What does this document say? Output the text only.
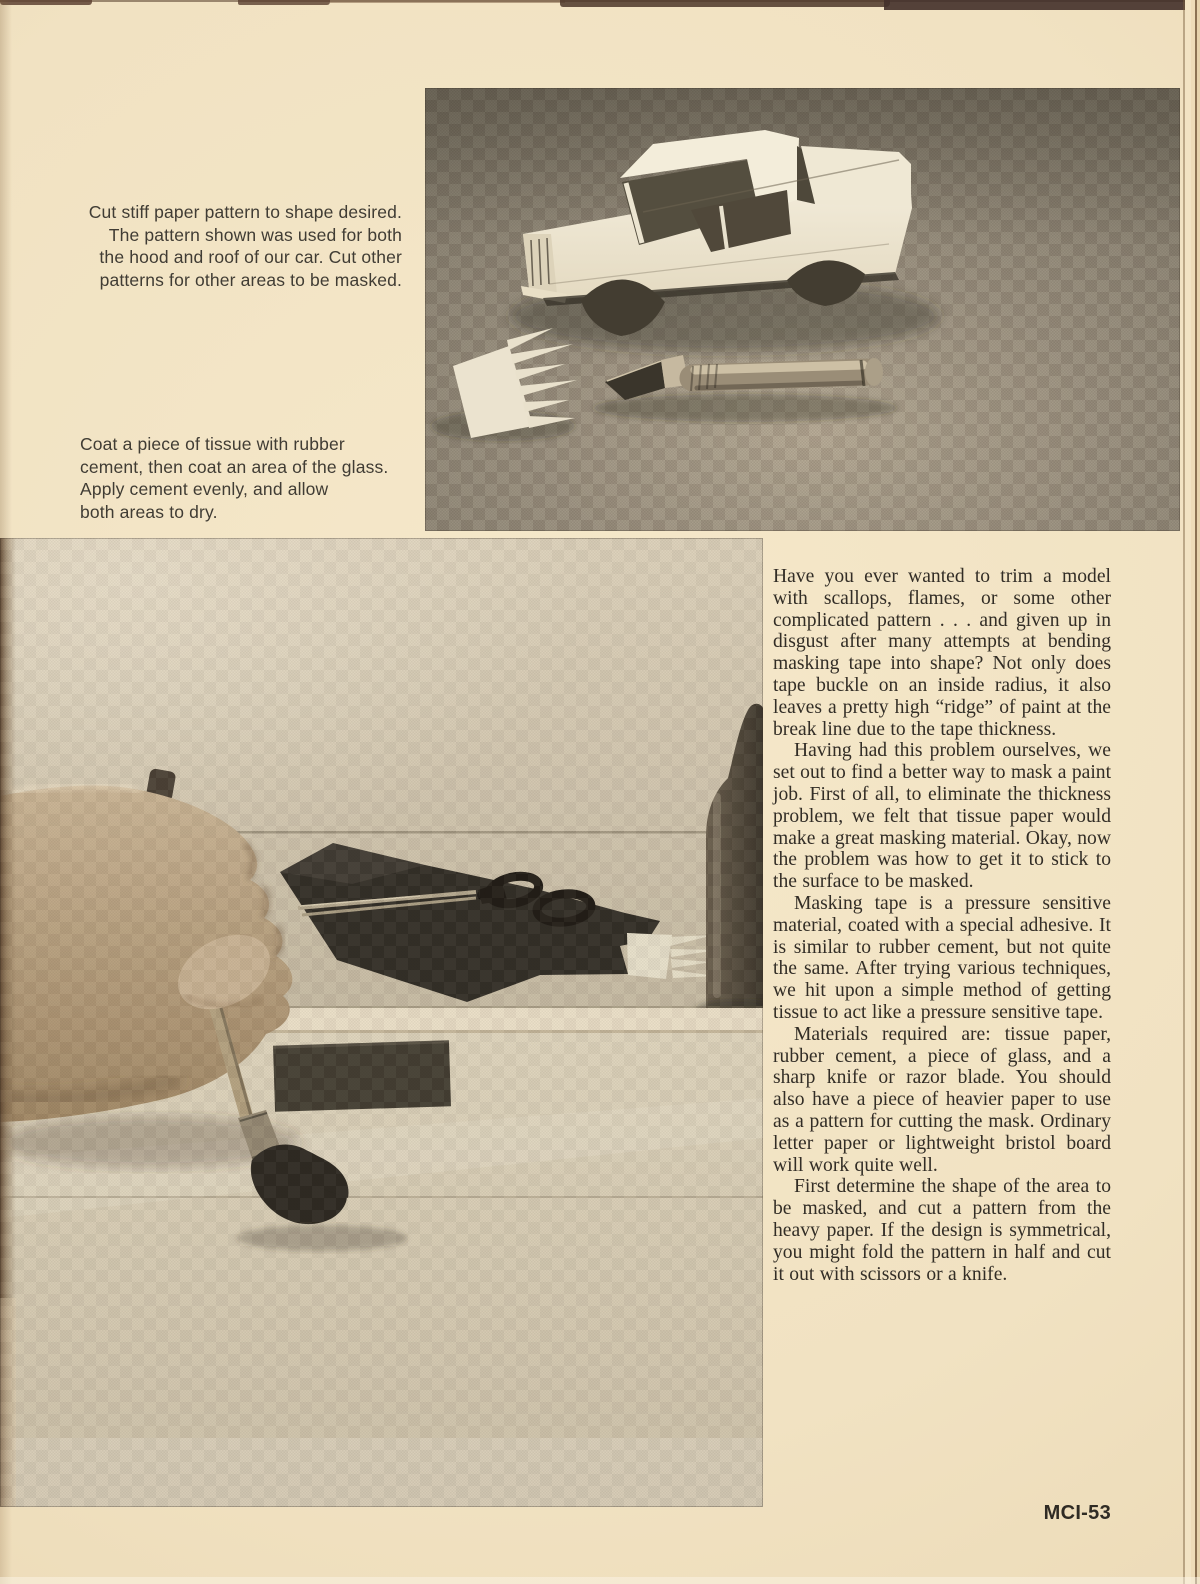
Cut stiff paper pattern to shape desired.
The pattern shown was used for both
the hood and roof of our car. Cut other
patterns for other areas to be masked.
Coat a piece of tissue with rubber
cement, then coat an area of the glass.
Apply cement evenly, and allow
both areas to dry.

Have you ever wanted to trim a model with scallops, flames, or some other complicated pattern . . . and given up in disgust after many attempts at bending masking tape into shape? Not only does tape buckle on an inside radius, it also leaves a pretty high “ridge” of paint at the break line due to the tape thickness.

Having had this problem ourselves, we set out to find a better way to mask a paint job. First of all, to eliminate the thickness problem, we felt that tissue paper would make a great masking material. Okay, now the problem was how to get it to stick to the surface to be masked.

Masking tape is a pressure sensitive material, coated with a special adhesive. It is similar to rubber cement, but not quite the same. After trying various techniques, we hit upon a simple method of getting tissue to act like a pressure sensitive tape.

Materials required are: tissue paper, rubber cement, a piece of glass, and a sharp knife or razor blade. You should also have a piece of heavier paper to use as a pattern for cutting the mask. Ordinary letter paper or lightweight bristol board will work quite well.

First determine the shape of the area to be masked, and cut a pattern from the heavy paper. If the design is symmetrical, you might fold the pattern in half and cut it out with scissors or a knife.

MCI-53
